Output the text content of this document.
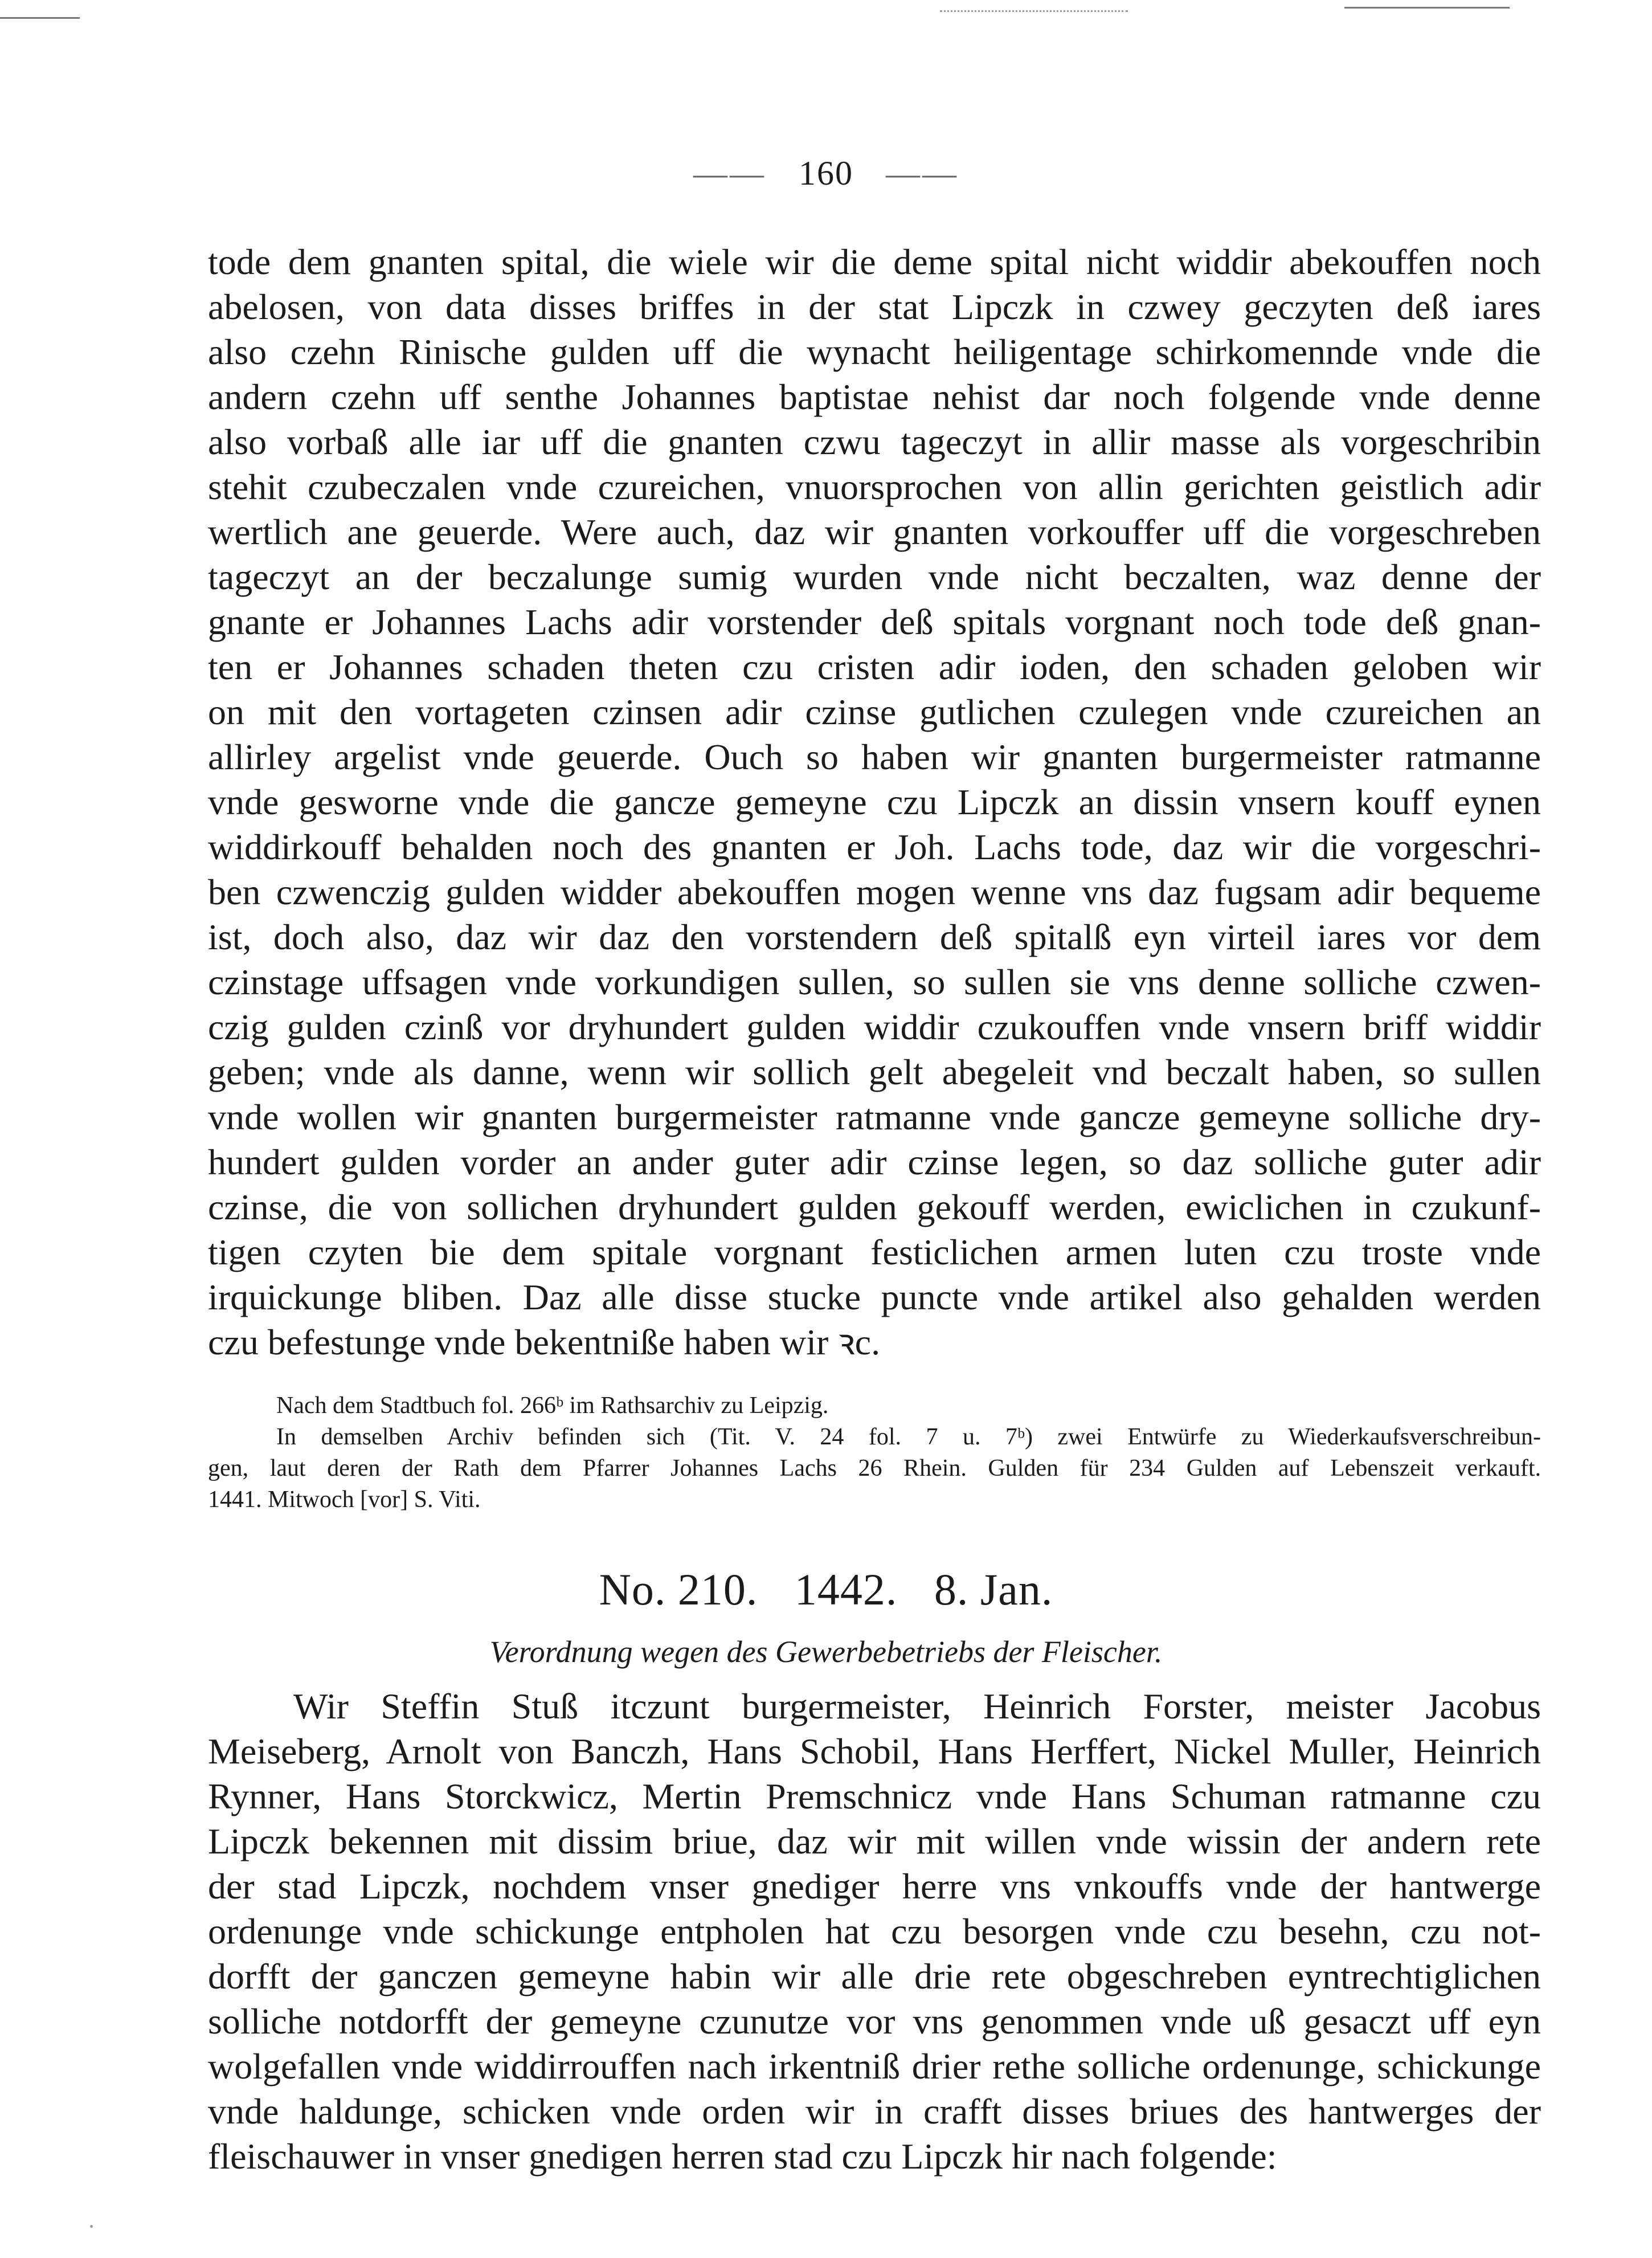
—— 160 ——
tode dem gnanten spital, die wiele wir die deme spital nicht widdir abekouffen noch
abelosen, von data disses briffes in der stat Lipczk in czwey geczyten deß iares
also czehn Rinische gulden uff die wynacht heiligentage schirkomennde vnde die
andern czehn uff senthe Johannes baptistae nehist dar noch folgende vnde denne
also vorbaß alle iar uff die gnanten czwu tageczyt in allir masse als vorgeschribin
stehit czubeczalen vnde czureichen, vnuorsprochen von allin gerichten geistlich adir
wertlich ane geuerde. Were auch, daz wir gnanten vorkouffer uff die vorgeschreben
tageczyt an der beczalunge sumig wurden vnde nicht beczalten, waz denne der
gnante er Johannes Lachs adir vorstender deß spitals vorgnant noch tode deß gnan-
ten er Johannes schaden theten czu cristen adir ioden, den schaden geloben wir
on mit den vortageten czinsen adir czinse gutlichen czulegen vnde czureichen an
allirley argelist vnde geuerde. Ouch so haben wir gnanten burgermeister ratmanne
vnde gesworne vnde die gancze gemeyne czu Lipczk an dissin vnsern kouff eynen
widdirkouff behalden noch des gnanten er Joh. Lachs tode, daz wir die vorgeschri-
ben czwenczig gulden widder abekouffen mogen wenne vns daz fugsam adir bequeme
ist, doch also, daz wir daz den vorstendern deß spitalß eyn virteil iares vor dem
czinstage uffsagen vnde vorkundigen sullen, so sullen sie vns denne solliche czwen-
czig gulden czinß vor dryhundert gulden widdir czukouffen vnde vnsern briff widdir
geben; vnde als danne, wenn wir sollich gelt abegeleit vnd beczalt haben, so sullen
vnde wollen wir gnanten burgermeister ratmanne vnde gancze gemeyne solliche dry-
hundert gulden vorder an ander guter adir czinse legen, so daz solliche guter adir
czinse, die von sollichen dryhundert gulden gekouff werden, ewiclichen in czukunf-
tigen czyten bie dem spitale vorgnant festiclichen armen luten czu troste vnde
irquickunge bliben. Daz alle disse stucke puncte vnde artikel also gehalden werden
czu befestunge vnde bekentniße haben wir ꝛc.
Nach dem Stadtbuch fol. 266ᵇ im Rathsarchiv zu Leipzig.
In demselben Archiv befinden sich (Tit. V. 24 fol. 7 u. 7ᵇ) zwei Entwürfe zu Wiederkaufsverschreibun-
gen, laut deren der Rath dem Pfarrer Johannes Lachs 26 Rhein. Gulden für 234 Gulden auf Lebenszeit verkauft.
1441. Mitwoch [vor] S. Viti.
No. 210. 1442. 8. Jan.
Verordnung wegen des Gewerbebetriebs der Fleischer.
Wir Steffin Stuß itczunt burgermeister, Heinrich Forster, meister Jacobus
Meiseberg, Arnolt von Banczh, Hans Schobil, Hans Herffert, Nickel Muller, Heinrich
Rynner, Hans Storckwicz, Mertin Premschnicz vnde Hans Schuman ratmanne czu
Lipczk bekennen mit dissim briue, daz wir mit willen vnde wissin der andern rete
der stad Lipczk, nochdem vnser gnediger herre vns vnkouffs vnde der hantwerge
ordenunge vnde schickunge entpholen hat czu besorgen vnde czu besehn, czu not-
dorfft der ganczen gemeyne habin wir alle drie rete obgeschreben eyntrechtiglichen
solliche notdorfft der gemeyne czunutze vor vns genommen vnde uß gesaczt uff eyn
wolgefallen vnde widdirrouffen nach irkentniß drier rethe solliche ordenunge, schickunge
vnde haldunge, schicken vnde orden wir in crafft disses briues des hantwerges der
fleischauwer in vnser gnedigen herren stad czu Lipczk hir nach folgende:
